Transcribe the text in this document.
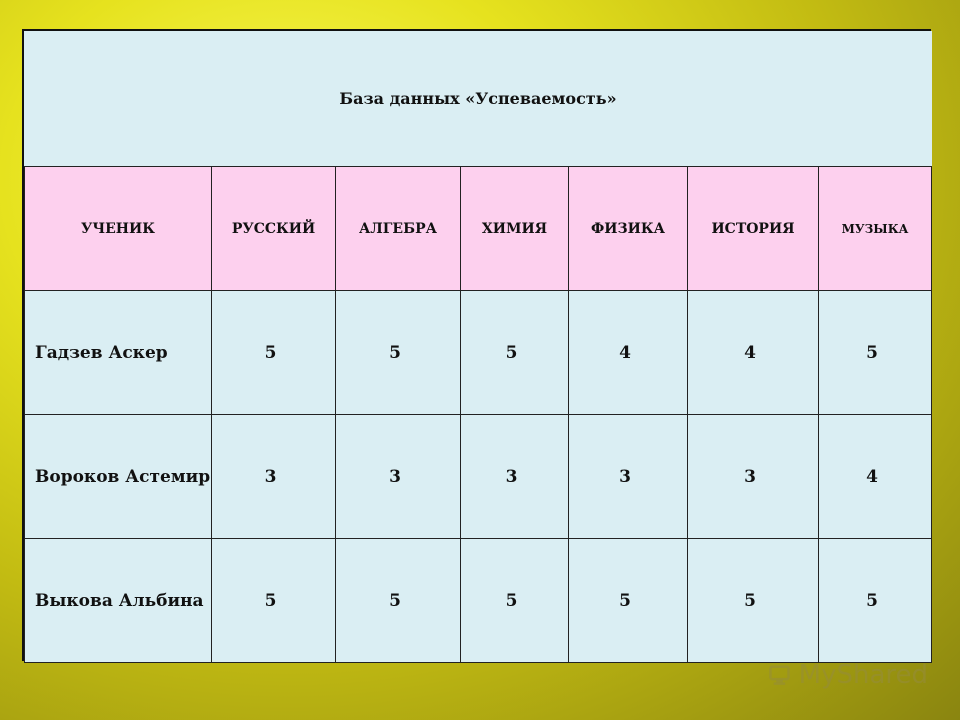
База данных «Успеваемость»						
УЧЕНИК	РУССКИЙ	АЛГЕБРА	ХИМИЯ	ФИЗИКА	ИСТОРИЯ	МУЗЫКА
Гадзев Аскер	5	5	5	4	4	5
Вороков Астемир	3	3	3	3	3	4
Выкова Альбина	5	5	5	5	5	5
MyShared
